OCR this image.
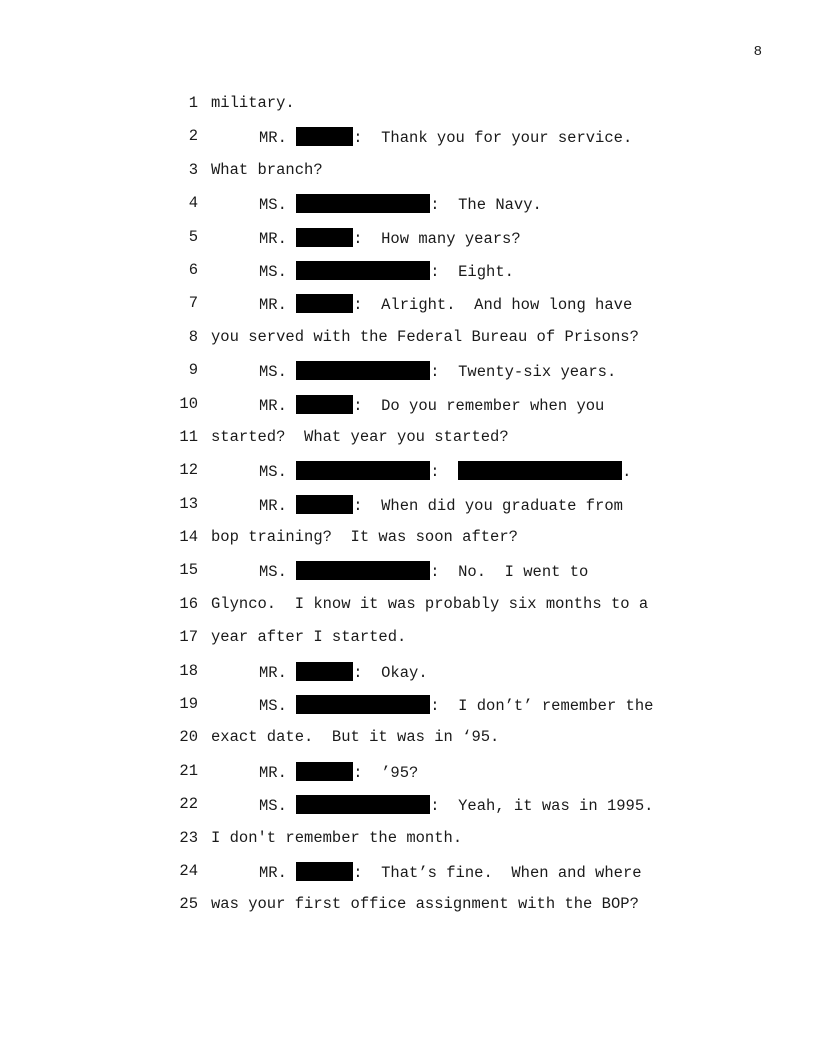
8
1 military.
2	MR.	:  Thank you for your service.
3 What branch?
4	MS.	:  The Navy.
5	MR.	:  How many years?
6	MS.	:  Eight.
7	MR.	:  Alright.  And how long have
8 you served with the Federal Bureau of Prisons?
9	MS.	:  Twenty-six years.
10	MR.	:  Do you remember when you
11 started?  What year you started?
12	MS.	:	.
13	MR.	:  When did you graduate from
14 bop training?  It was soon after?
15	MS.	:  No.  I went to
16 Glynco.  I know it was probably six months to a
17 year after I started.
18	MR.	:  Okay.
19	MS.	:  I don’t’ remember the
20 exact date.  But it was in ‘95.
21	MR.	:  ’95?
22	MS.	:  Yeah, it was in 1995.
23 I don't remember the month.
24	MR.	:  That’s fine.  When and where
25 was your first office assignment with the BOP?
